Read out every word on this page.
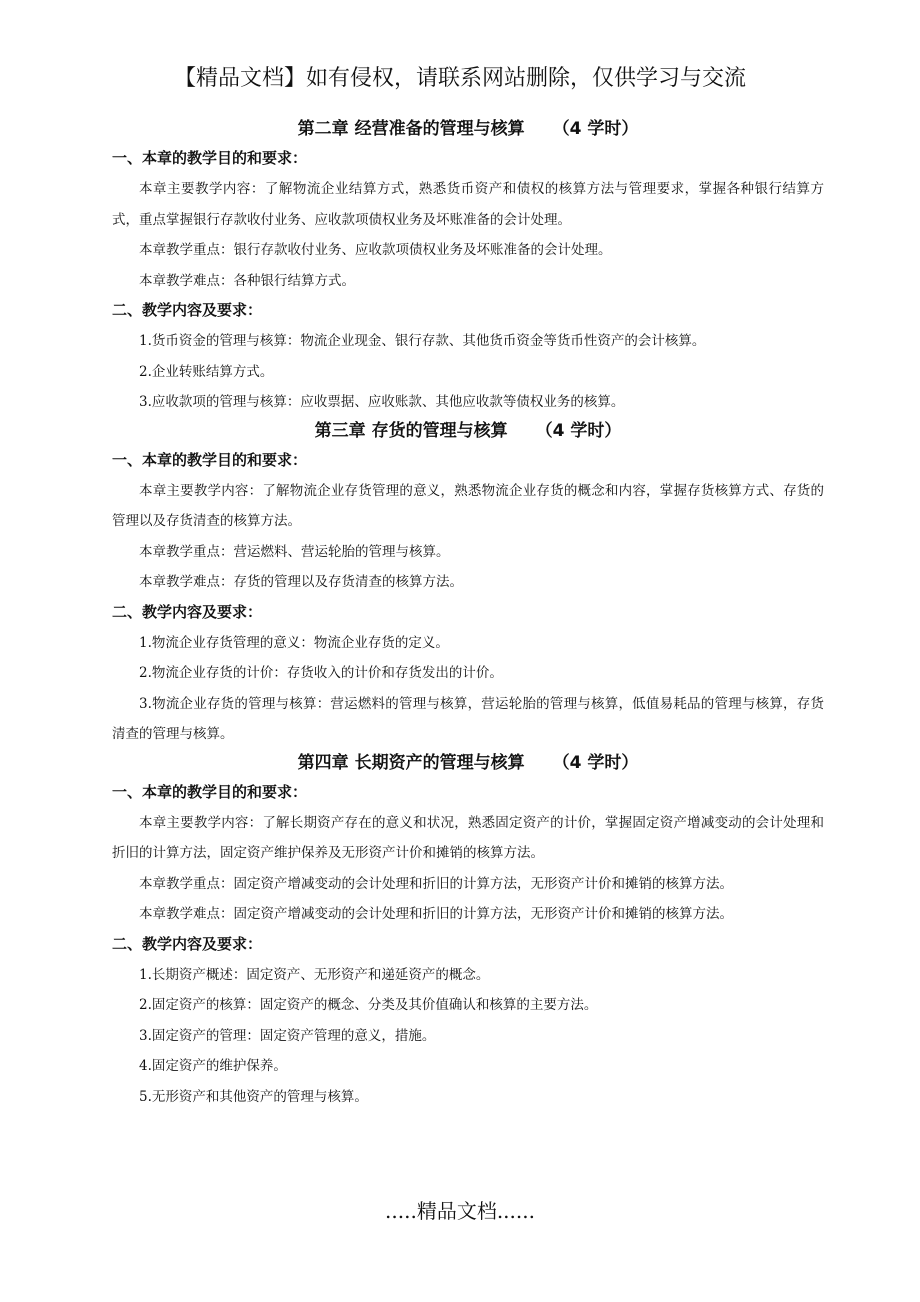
【精品文档】如有侵权，请联系网站删除，仅供学习与交流
第二章 经营准备的管理与核算 （4 学时）
一、本章的教学目的和要求：

本章主要教学内容：了解物流企业结算方式，熟悉货币资产和债权的核算方法与管理要求，掌握各种银行结算方式，重点掌握银行存款收付业务、应收款项债权业务及坏账准备的会计处理。

本章教学重点：银行存款收付业务、应收款项债权业务及坏账准备的会计处理。

本章教学难点：各种银行结算方式。

二、教学内容及要求：

1.货币资金的管理与核算：物流企业现金、银行存款、其他货币资金等货币性资产的会计核算。

2.企业转账结算方式。

3.应收款项的管理与核算：应收票据、应收账款、其他应收款等债权业务的核算。

第三章 存货的管理与核算 （4 学时）
一、本章的教学目的和要求：

本章主要教学内容：了解物流企业存货管理的意义，熟悉物流企业存货的概念和内容，掌握存货核算方式、存货的管理以及存货清查的核算方法。

本章教学重点：营运燃料、营运轮胎的管理与核算。

本章教学难点：存货的管理以及存货清查的核算方法。

二、教学内容及要求：

1.物流企业存货管理的意义：物流企业存货的定义。

2.物流企业存货的计价：存货收入的计价和存货发出的计价。

3.物流企业存货的管理与核算：营运燃料的管理与核算，营运轮胎的管理与核算，低值易耗品的管理与核算，存货清查的管理与核算。

第四章 长期资产的管理与核算 （4 学时）
一、本章的教学目的和要求：

本章主要教学内容：了解长期资产存在的意义和状况，熟悉固定资产的计价，掌握固定资产增减变动的会计处理和折旧的计算方法，固定资产维护保养及无形资产计价和摊销的核算方法。

本章教学重点：固定资产增减变动的会计处理和折旧的计算方法，无形资产计价和摊销的核算方法。

本章教学难点：固定资产增减变动的会计处理和折旧的计算方法，无形资产计价和摊销的核算方法。

二、教学内容及要求：

1.长期资产概述：固定资产、无形资产和递延资产的概念。

2.固定资产的核算：固定资产的概念、分类及其价值确认和核算的主要方法。

3.固定资产的管理：固定资产管理的意义，措施。

4.固定资产的维护保养。

5.无形资产和其他资产的管理与核算。

.....精品文档......
